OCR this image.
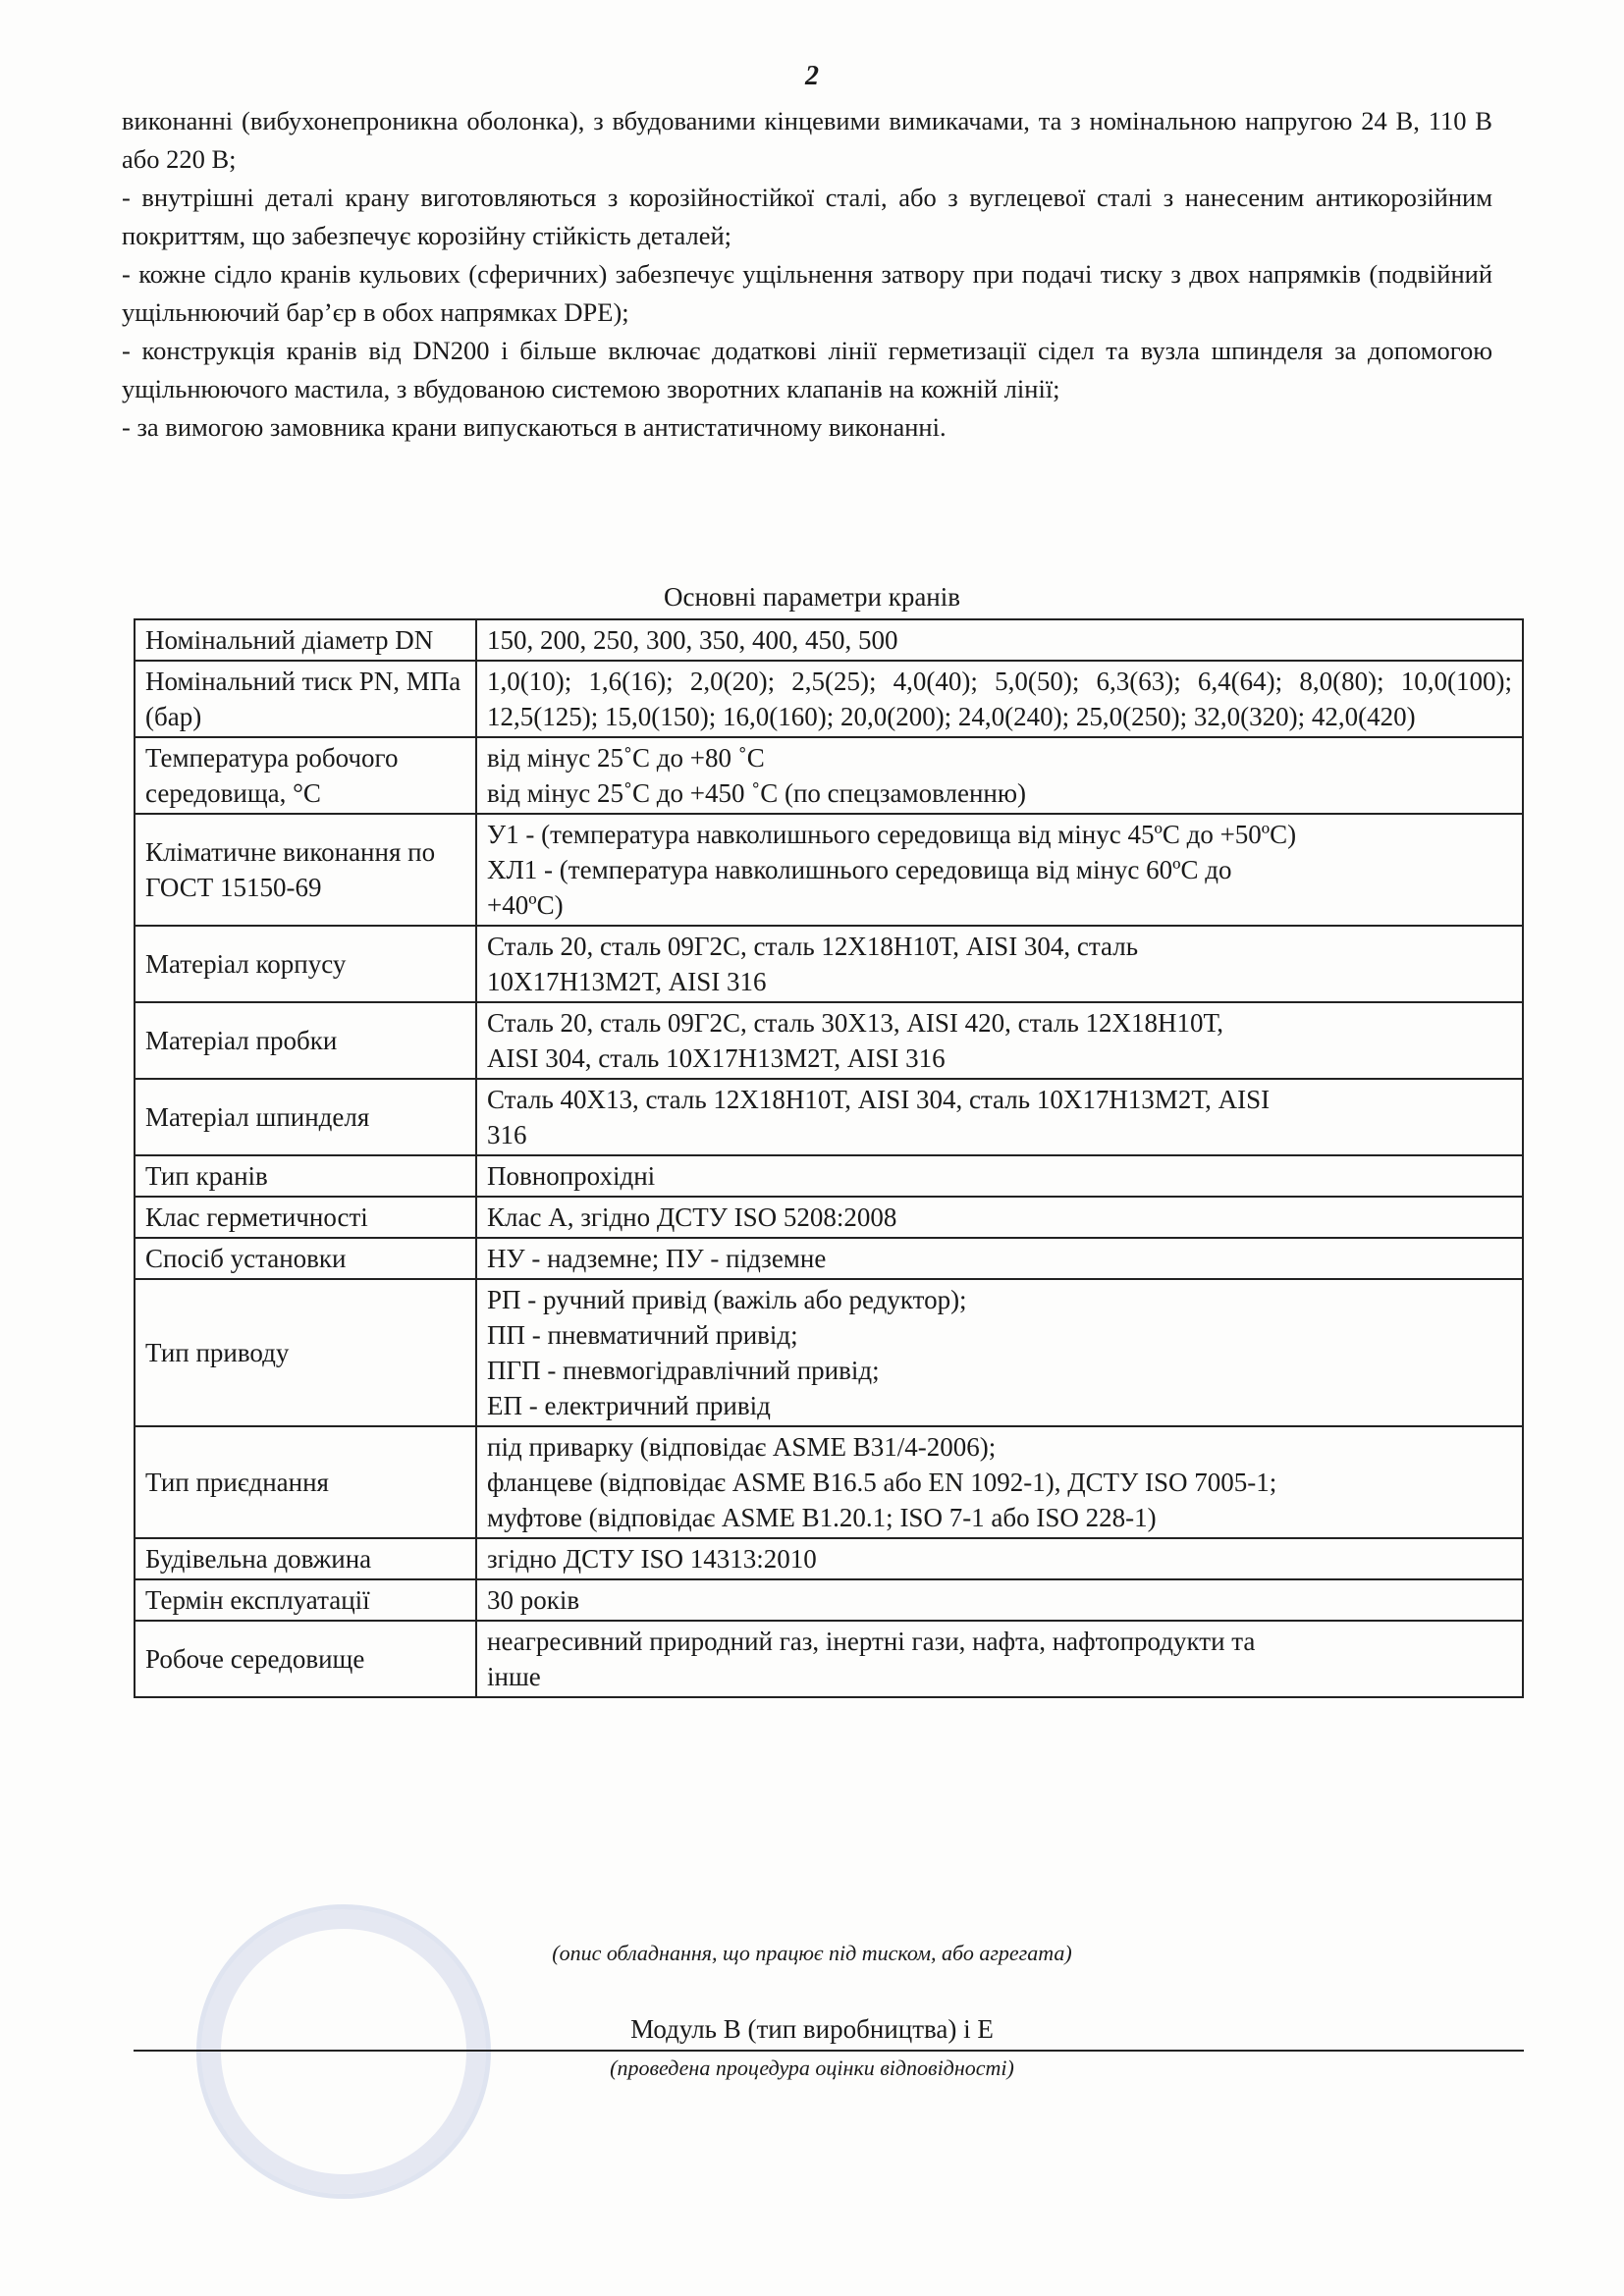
2

виконанні (вибухонепроникна оболонка), з вбудованими кінцевими вимикачами, та з номінальною напругою 24 В, 110 В або 220 В;

- внутрішні деталі крану виготовляються з корозійностійкої сталі, або з вуглецевої сталі з нанесеним антикорозійним покриттям, що забезпечує корозійну стійкість деталей;

- кожне сідло кранів кульових (сферичних) забезпечує ущільнення затвору при подачі тиску з двох напрямків (подвійний ущільнюючий бар’єр в обох напрямках DPE);

- конструкція кранів від DN200 і більше включає додаткові лінії герметизації сідел та вузла шпинделя за допомогою ущільнюючого мастила, з вбудованою системою зворотних клапанів на кожній лінії;

- за вимогою замовника крани випускаються в антистатичному виконанні.

Основні параметри кранів
Номінальний діаметр DN	150, 200, 250, 300, 350, 400, 450, 500

Номінальний тиск PN, МПа (бар)	1,0(10); 1,6(16); 2,0(20); 2,5(25); 4,0(40); 5,0(50); 6,3(63); 6,4(64); 8,0(80); 10,0(100); 12,5(125); 15,0(150); 16,0(160); 20,0(200); 24,0(240); 25,0(250); 32,0(320); 42,0(420)
Температура робочого середовища, °C	від мінус 25˚С до +80 ˚С
від мінус 25˚С до +450 ˚С (по спецзамовленню)

Кліматичне виконання по ГОСТ 15150-69	У1 - (температура навколишнього середовища від мінус 45ºС до +50ºС)
ХЛ1 - (температура навколишнього середовища від мінус 60ºС до
+40ºС)

Матеріал корпусу	Сталь 20, сталь 09Г2С, сталь 12Х18Н10Т, AISI 304, сталь
10Х17Н13М2Т, AISI 316

Матеріал пробки	Сталь 20, сталь 09Г2С, сталь 30Х13, AISI 420, сталь 12Х18Н10Т,
AISI 304, сталь 10Х17Н13М2Т, AISI 316

Матеріал шпинделя	Сталь 40Х13, сталь 12Х18Н10Т, AISI 304, сталь 10Х17Н13М2Т, AISI
316

Тип кранів	Повнопрохідні

Клас герметичності	Клас А, згідно ДСТУ ISO 5208:2008

Спосіб установки	НУ - надземне; ПУ - підземне

Тип приводу	РП - ручний привід (важіль або редуктор);
ПП - пневматичний привід;
ПГП - пневмогідравлічний привід;
ЕП - електричний привід

Тип приєднання	під приварку (відповідає ASME B31/4-2006);
фланцеве (відповідає ASME B16.5 або EN 1092-1), ДСТУ ISO 7005-1;
муфтове (відповідає ASME B1.20.1; ISO 7-1 або ISO 228-1)

Будівельна довжина	згідно ДСТУ ISO 14313:2010

Термін експлуатації	30 років

Робоче середовище	неагресивний природний газ, інертні гази, нафта, нафтопродукти та
інше
(опис обладнання, що працює під тиском, або агрегата)
Модуль В (тип виробництва) і Е
(проведена процедура оцінки відповідності)
